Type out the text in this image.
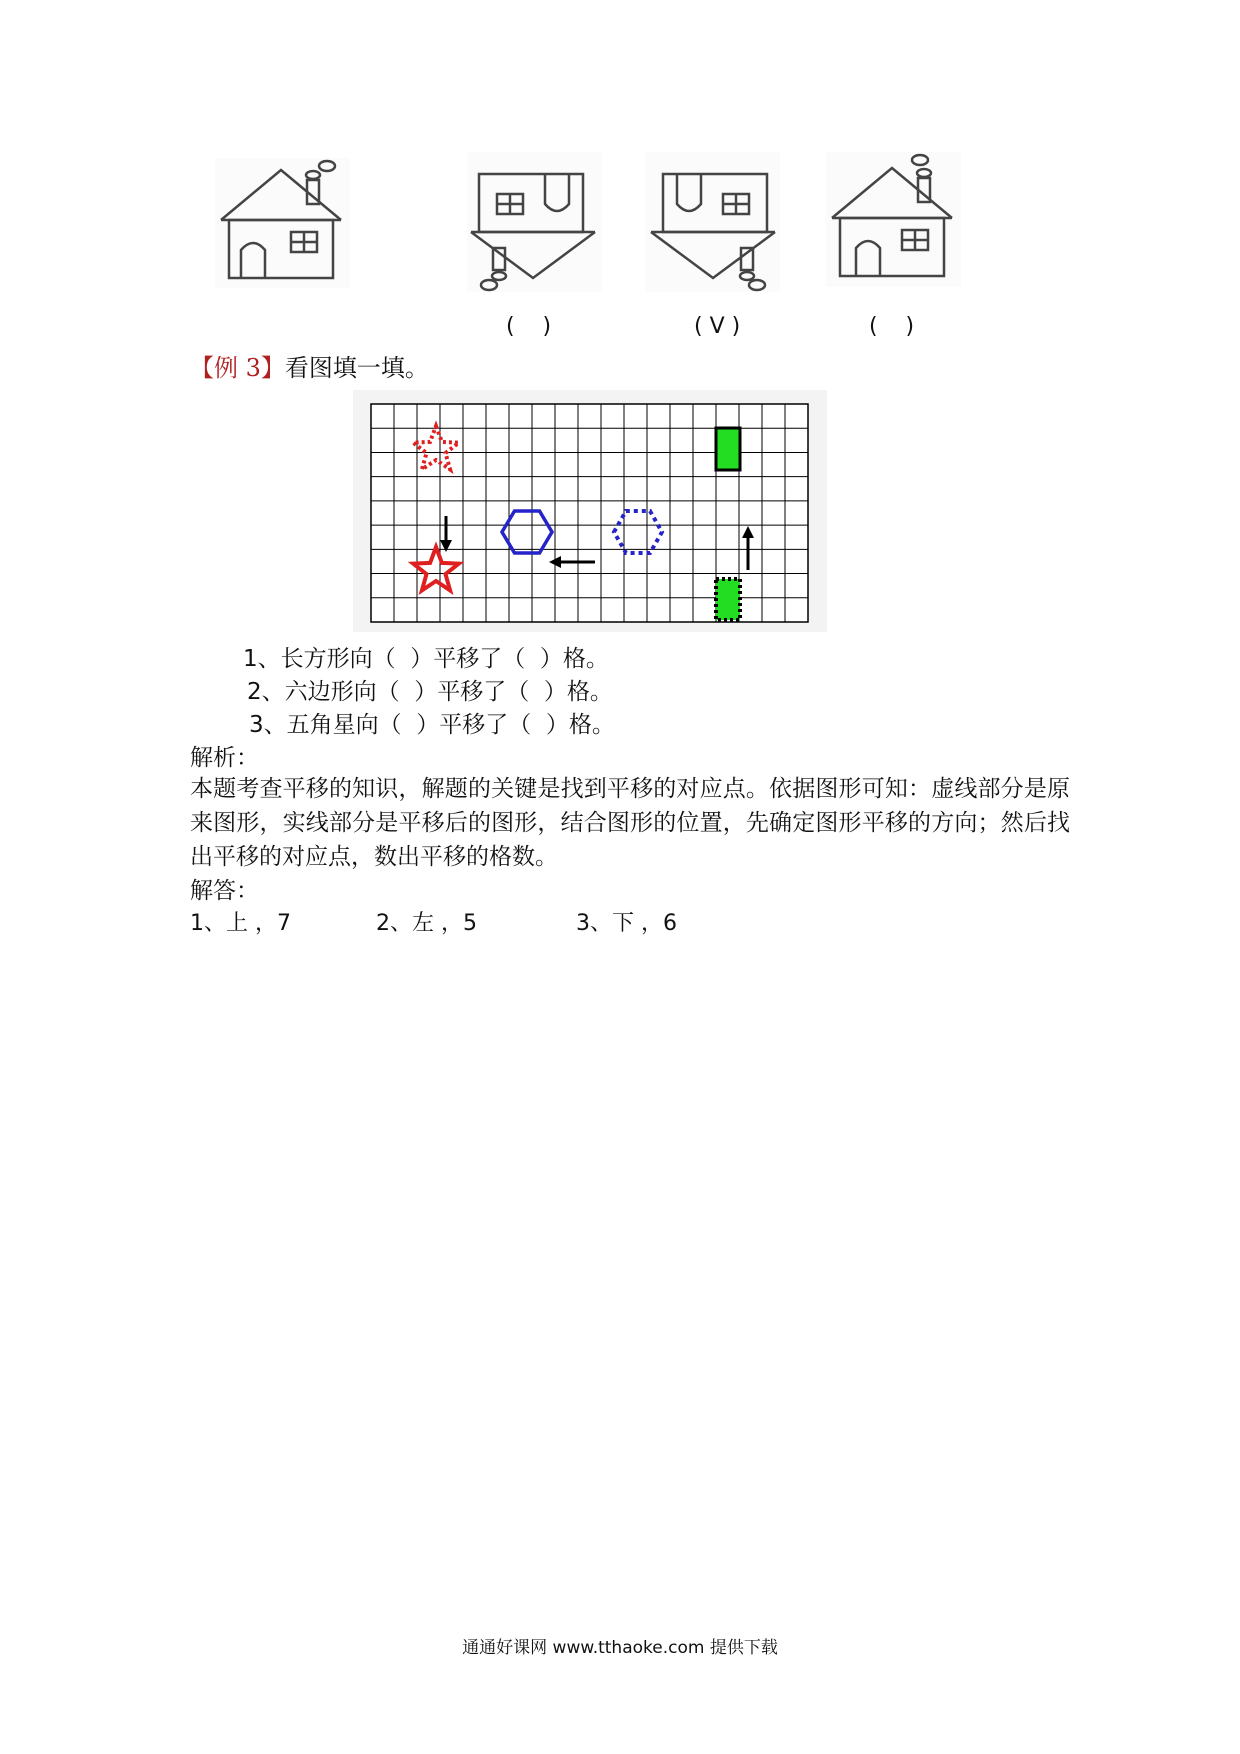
(    )	( V )	(    )
【例 3】看图填一填。
1、长方形向（  ）平移了（  ）格。
2、六边形向（  ）平移了（  ）格。
3、五角星向（  ）平移了（  ）格。
解析：
本题考查平移的知识，解题的关键是找到平移的对应点。依据图形可知：虚线部分是原来图形，实线部分是平移后的图形，结合图形的位置，先确定图形平移的方向；然后找出平移的对应点，数出平移的格数。
解答：
1、上 ，7	2、左 ，5	3、下 ，6
通通好课网 www.tthaoke.com 提供下载
